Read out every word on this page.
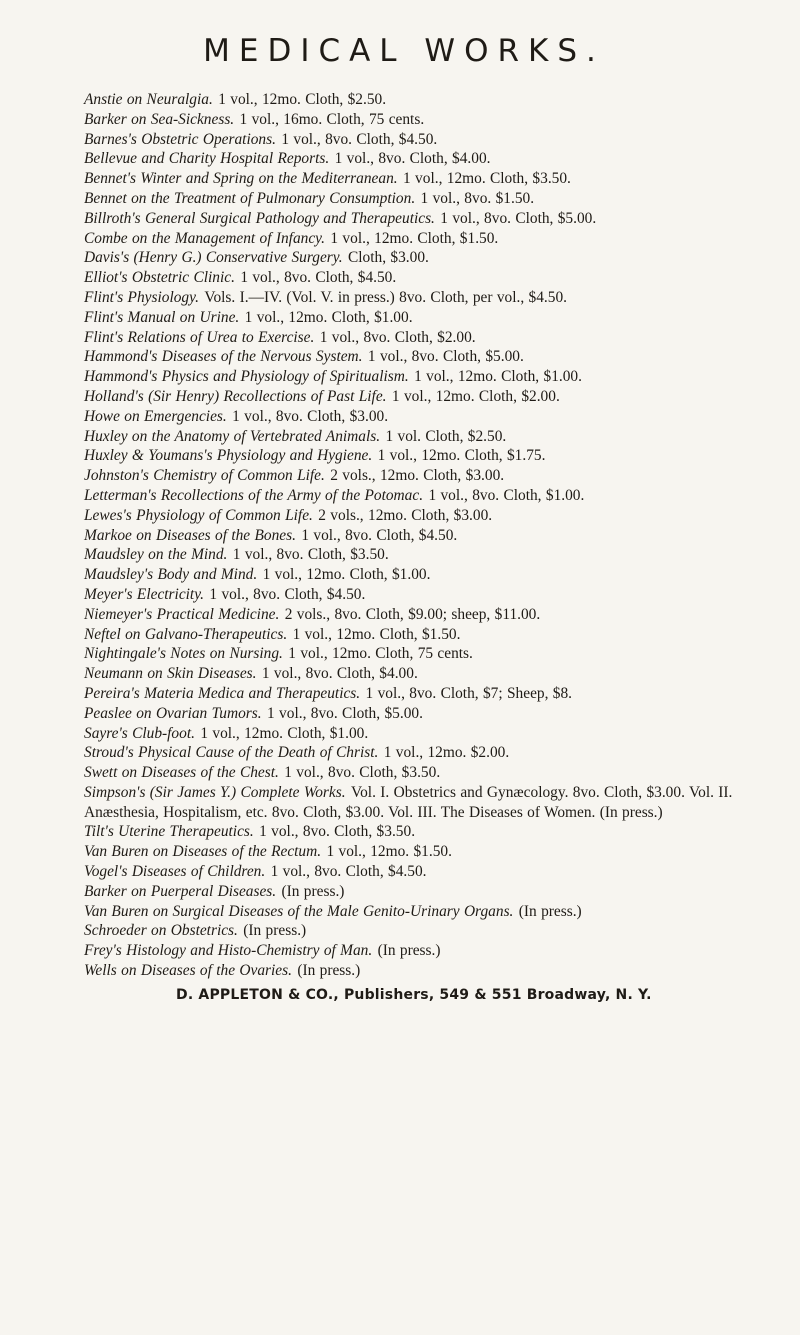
MEDICAL WORKS.
Anstie on Neuralgia. 1 vol., 12mo. Cloth, $2.50.
Barker on Sea-Sickness. 1 vol., 16mo. Cloth, 75 cents.
Barnes's Obstetric Operations. 1 vol., 8vo. Cloth, $4.50.
Bellevue and Charity Hospital Reports. 1 vol., 8vo. Cloth, $4.00.
Bennet's Winter and Spring on the Mediterranean. 1 vol., 12mo. Cloth, $3.50.
Bennet on the Treatment of Pulmonary Consumption. 1 vol., 8vo. $1.50.
Billroth's General Surgical Pathology and Therapeutics. 1 vol., 8vo. Cloth, $5.00.
Combe on the Management of Infancy. 1 vol., 12mo. Cloth, $1.50.
Davis's (Henry G.) Conservative Surgery. Cloth, $3.00.
Elliot's Obstetric Clinic. 1 vol., 8vo. Cloth, $4.50.
Flint's Physiology. Vols. I.—IV. (Vol. V. in press.) 8vo. Cloth, per vol., $4.50.
Flint's Manual on Urine. 1 vol., 12mo. Cloth, $1.00.
Flint's Relations of Urea to Exercise. 1 vol., 8vo. Cloth, $2.00.
Hammond's Diseases of the Nervous System. 1 vol., 8vo. Cloth, $5.00.
Hammond's Physics and Physiology of Spiritualism. 1 vol., 12mo. Cloth, $1.00.
Holland's (Sir Henry) Recollections of Past Life. 1 vol., 12mo. Cloth, $2.00.
Howe on Emergencies. 1 vol., 8vo. Cloth, $3.00.
Huxley on the Anatomy of Vertebrated Animals. 1 vol. Cloth, $2.50.
Huxley & Youmans's Physiology and Hygiene. 1 vol., 12mo. Cloth, $1.75.
Johnston's Chemistry of Common Life. 2 vols., 12mo. Cloth, $3.00.
Letterman's Recollections of the Army of the Potomac. 1 vol., 8vo. Cloth, $1.00.
Lewes's Physiology of Common Life. 2 vols., 12mo. Cloth, $3.00.
Markoe on Diseases of the Bones. 1 vol., 8vo. Cloth, $4.50.
Maudsley on the Mind. 1 vol., 8vo. Cloth, $3.50.
Maudsley's Body and Mind. 1 vol., 12mo. Cloth, $1.00.
Meyer's Electricity. 1 vol., 8vo. Cloth, $4.50.
Niemeyer's Practical Medicine. 2 vols., 8vo. Cloth, $9.00; sheep, $11.00.
Neftel on Galvano-Therapeutics. 1 vol., 12mo. Cloth, $1.50.
Nightingale's Notes on Nursing. 1 vol., 12mo. Cloth, 75 cents.
Neumann on Skin Diseases. 1 vol., 8vo. Cloth, $4.00.
Pereira's Materia Medica and Therapeutics. 1 vol., 8vo. Cloth, $7; Sheep, $8.
Peaslee on Ovarian Tumors. 1 vol., 8vo. Cloth, $5.00.
Sayre's Club-foot. 1 vol., 12mo. Cloth, $1.00.
Stroud's Physical Cause of the Death of Christ. 1 vol., 12mo. $2.00.
Swett on Diseases of the Chest. 1 vol., 8vo. Cloth, $3.50.
Simpson's (Sir James Y.) Complete Works. Vol. I. Obstetrics and Gynæcology. 8vo. Cloth, $3.00. Vol. II. Anæsthesia, Hospitalism, etc. 8vo. Cloth, $3.00. Vol. III. The Diseases of Women. (In press.)
Tilt's Uterine Therapeutics. 1 vol., 8vo. Cloth, $3.50.
Van Buren on Diseases of the Rectum. 1 vol., 12mo. $1.50.
Vogel's Diseases of Children. 1 vol., 8vo. Cloth, $4.50.
Barker on Puerperal Diseases. (In press.)
Van Buren on Surgical Diseases of the Male Genito-Urinary Organs. (In press.)
Schroeder on Obstetrics. (In press.)
Frey's Histology and Histo-Chemistry of Man. (In press.)
Wells on Diseases of the Ovaries. (In press.)
D. APPLETON & CO., Publishers, 549 & 551 Broadway, N. Y.
